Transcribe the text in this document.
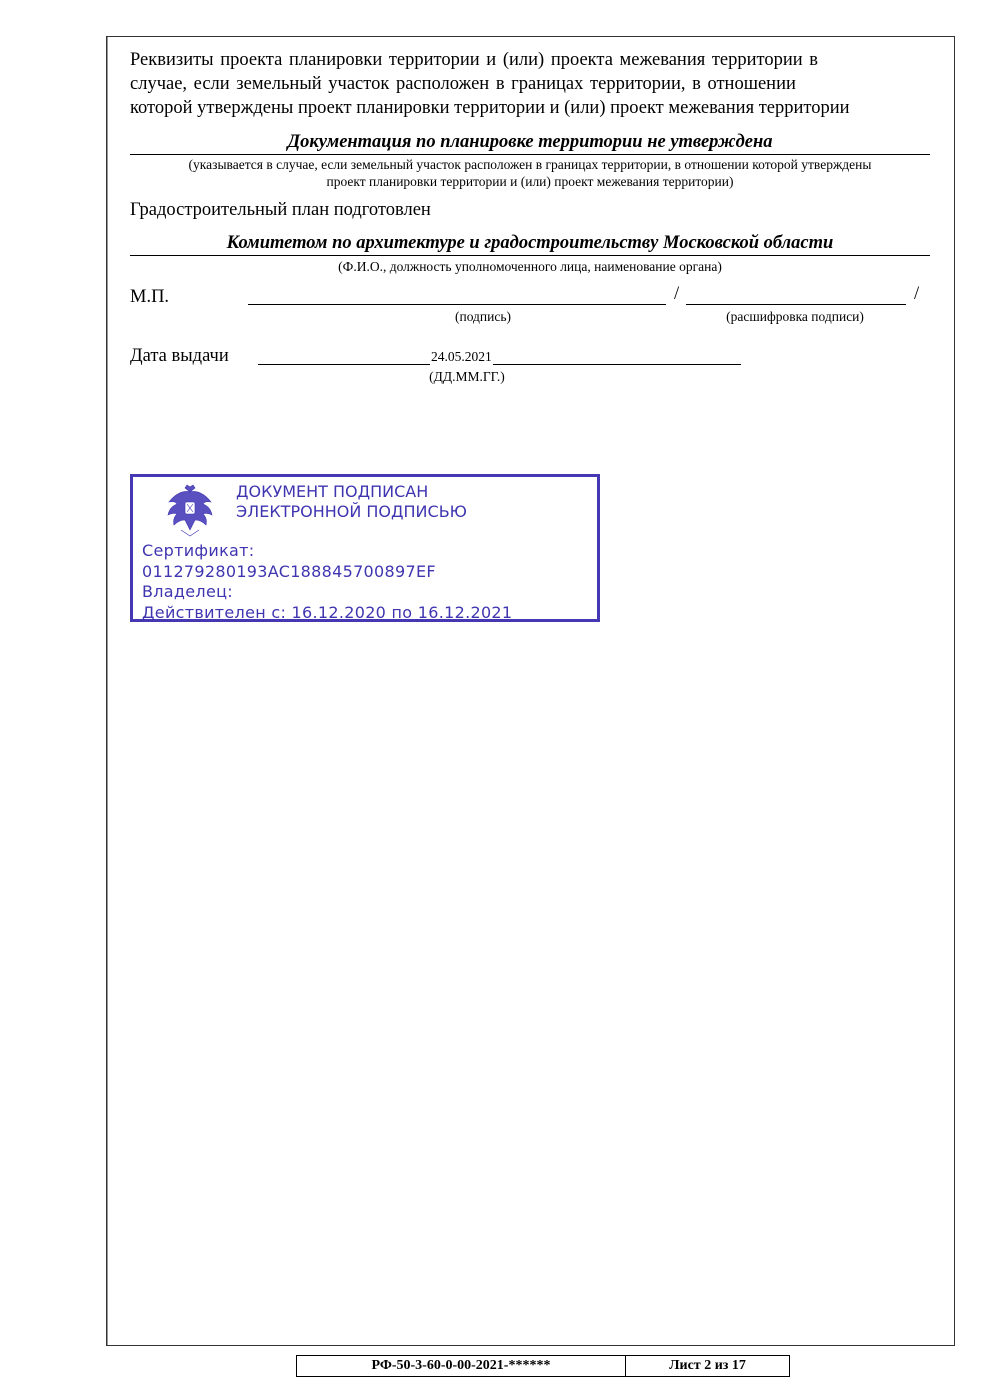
Реквизиты проекта планировки территории и (или) проекта межевания территории в
случае, если земельный участок расположен в границах территории, в отношении
которой утверждены проект планировки территории и (или) проект межевания территории
Документация по планировке территории не утверждена
(указывается в случае, если земельный участок расположен в границах территории, в отношении которой утверждены
проект планировки территории и (или) проект межевания территории)
Градостроительный план подготовлен
Комитетом по архитектуре и градостроительству Московской области
(Ф.И.О., должность уполномоченного лица, наименование органа)
М.П.	/	/
(подпись)	(расшифровка подписи)
Дата выдачи	24.05.2021
(ДД.ММ.ГГ.)
ДОКУМЕНТ ПОДПИСАН
ЭЛЕКТРОННОЙ ПОДПИСЬЮ
Сертификат:
011279280193AC188845700897EF
Владелец:
Действителен с: 16.12.2020 по 16.12.2021
РФ-50-3-60-0-00-2021-******	Лист 2 из 17
